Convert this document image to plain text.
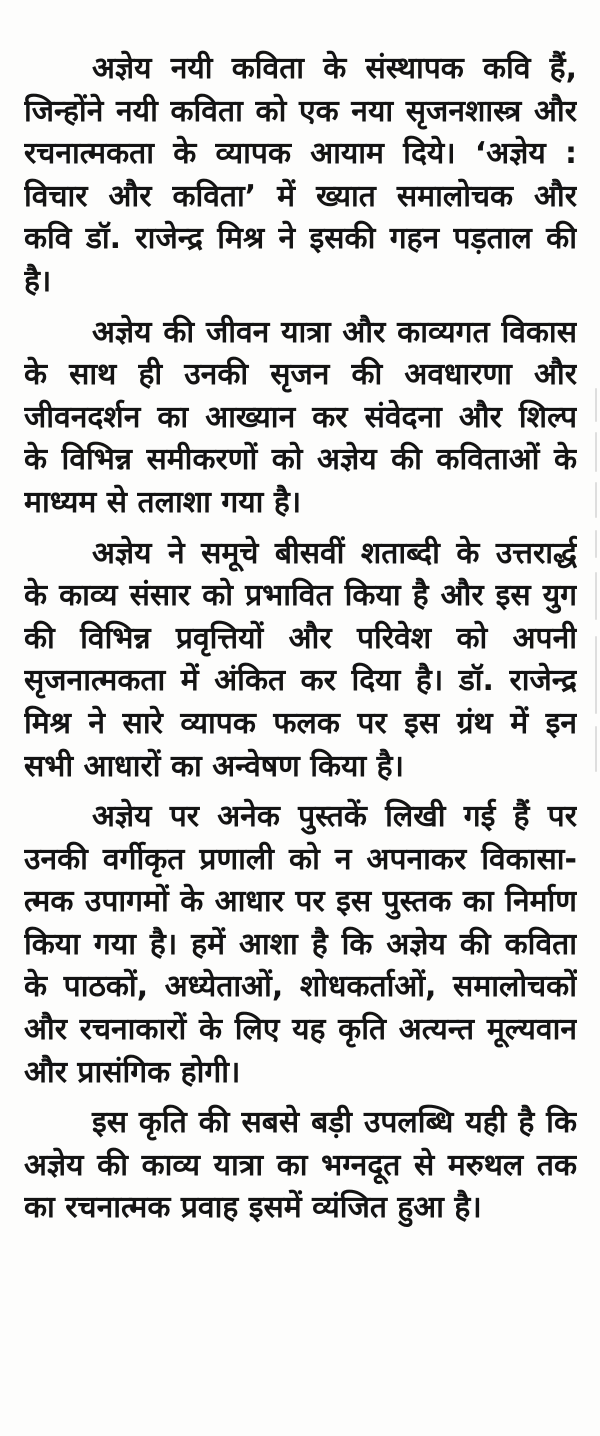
अज्ञेय नयी कविता के संस्थापक कवि हैं,
जिन्होंने नयी कविता को एक नया सृजनशास्त्र और
रचनात्मकता के व्यापक आयाम दिये। ‘अज्ञेय :
विचार और कविता’ में ख्यात समालोचक और
कवि डॉ. राजेन्द्र मिश्र ने इसकी गहन पड़ताल की
है।
अज्ञेय की जीवन यात्रा और काव्यगत विकास
के साथ ही उनकी सृजन की अवधारणा और
जीवनदर्शन का आख्यान कर संवेदना और शिल्प
के विभिन्न समीकरणों को अज्ञेय की कविताओं के
माध्यम से तलाशा गया है।
अज्ञेय ने समूचे बीसवीं शताब्दी के उत्तरार्द्ध
के काव्य संसार को प्रभावित किया है और इस युग
की विभिन्न प्रवृत्तियों और परिवेश को अपनी
सृजनात्मकता में अंकित कर दिया है। डॉ. राजेन्द्र
मिश्र ने सारे व्यापक फलक पर इस ग्रंथ में इन
सभी आधारों का अन्वेषण किया है।
अज्ञेय पर अनेक पुस्तकें लिखी गई हैं पर
उनकी वर्गीकृत प्रणाली को न अपनाकर विकासा-
त्मक उपागमों के आधार पर इस पुस्तक का निर्माण
किया गया है। हमें आशा है कि अज्ञेय की कविता
के पाठकों, अध्येताओं, शोधकर्ताओं, समालोचकों
और रचनाकारों के लिए यह कृति अत्यन्त मूल्यवान
और प्रासंगिक होगी।
इस कृति की सबसे बड़ी उपलब्धि यही है कि
अज्ञेय की काव्य यात्रा का भग्नदूत से मरुथल तक
का रचनात्मक प्रवाह इसमें व्यंजित हुआ है।
